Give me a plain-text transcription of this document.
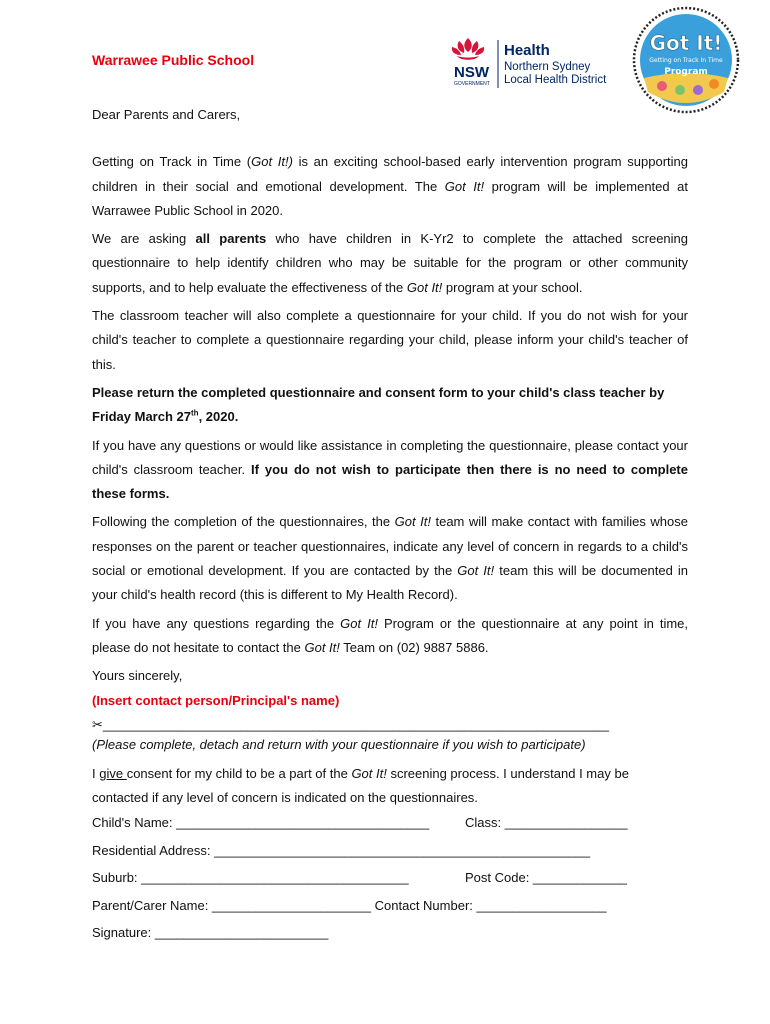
Warrawee Public School
NSW
GOVERNMENT
Health
Northern Sydney
Local Health District
Got It!
Getting on Track In Time
Program

Dear Parents and Carers,

Getting on Track in Time (Got It!) is an exciting school-based early intervention program supporting children in their social and emotional development. The Got It! program will be implemented at Warrawee Public School in 2020.

We are asking all parents who have children in K-Yr2 to complete the attached screening questionnaire to help identify children who may be suitable for the program or other community supports, and to help evaluate the effectiveness of the Got It! program at your school.

The classroom teacher will also complete a questionnaire for your child. If you do not wish for your child's teacher to complete a questionnaire regarding your child, please inform your child's teacher of this.

Please return the completed questionnaire and consent form to your child's class teacher by Friday March 27th, 2020.

If you have any questions or would like assistance in completing the questionnaire, please contact your child's classroom teacher. If you do not wish to participate then there is no need to complete these forms.

Following the completion of the questionnaires, the Got It! team will make contact with families whose responses on the parent or teacher questionnaires, indicate any level of concern in regards to a child's social or emotional development. If you are contacted by the Got It! team this will be documented in your child's health record (this is different to My Health Record).

If you have any questions regarding the Got It! Program or the questionnaire at any point in time, please do not hesitate to contact the Got It! Team on (02) 9887 5886.

Yours sincerely,

(Insert contact person/Principal's name)

✂______________________________________________________________________

(Please complete, detach and return with your questionnaire if you wish to participate)

I give consent for my child to be a part of the Got It! screening process. I understand I may be contacted if any level of concern is indicated on the questionnaires.

Child's Name: ___________________________________	Class: _________________
Residential Address: ____________________________________________________
Suburb: _____________________________________	Post Code: _____________
Parent/Carer Name: ______________________ Contact Number: __________________
Signature: ________________________
